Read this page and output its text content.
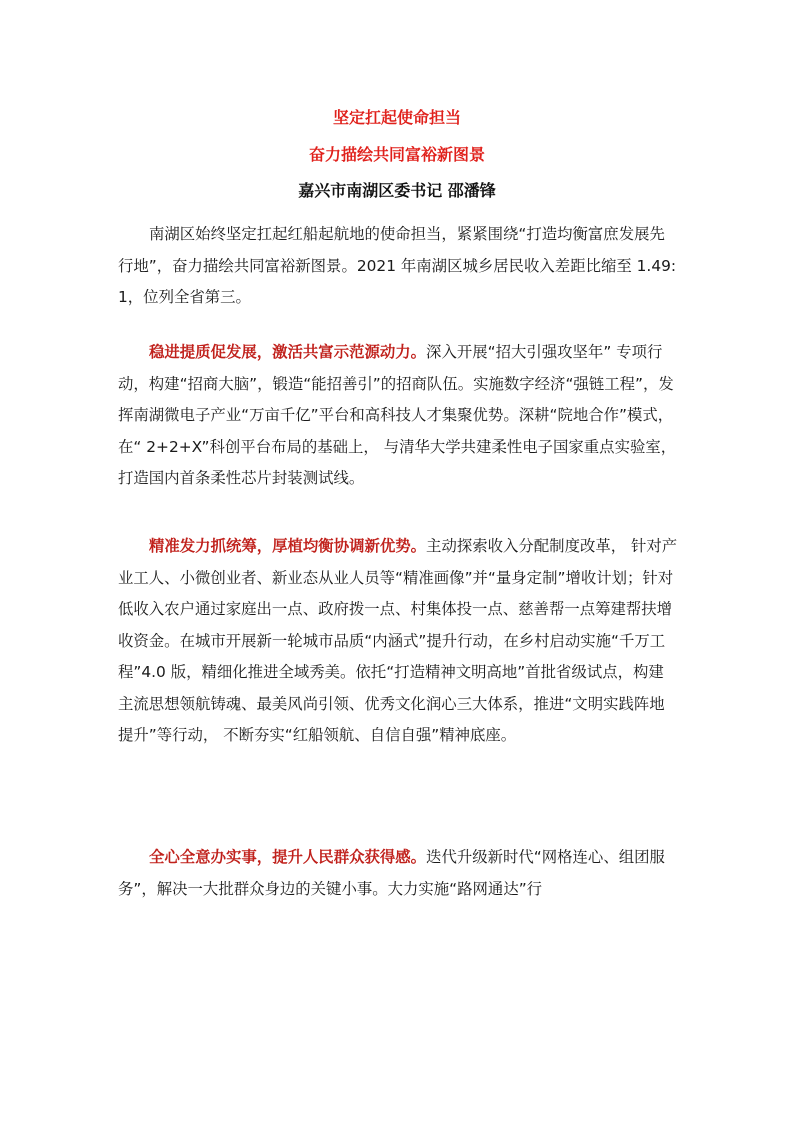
坚定扛起使命担当
奋力描绘共同富裕新图景
嘉兴市南湖区委书记 邵潘锋

南湖区始终坚定扛起红船起航地的使命担当，紧紧围绕“打造均衡富庶发展先行地”，奋力描绘共同富裕新图景。2021 年南湖区城乡居民收入差距比缩至 1.49:1，位列全省第三。

稳进提质促发展，激活共富示范源动力。深入开展“招大引强攻坚年” 专项行动，构建“招商大脑”，锻造“能招善引”的招商队伍。实施数字经济“强链工程”，发挥南湖微电子产业“万亩千亿”平台和高科技人才集聚优势。深耕“院地合作”模式，在“ 2+2+X”科创平台布局的基础上， 与清华大学共建柔性电子国家重点实验室，打造国内首条柔性芯片封装测试线。

精准发力抓统筹，厚植均衡协调新优势。主动探索收入分配制度改革， 针对产业工人、小微创业者、新业态从业人员等“精准画像”并“量身定制”增收计划；针对低收入农户通过家庭出一点、政府拨一点、村集体投一点、慈善帮一点筹建帮扶增收资金。在城市开展新一轮城市品质“内涵式”提升行动，在乡村启动实施“千万工程”4.0 版，精细化推进全域秀美。依托“打造精神文明高地”首批省级试点，构建主流思想领航铸魂、最美风尚引领、优秀文化润心三大体系，推进“文明实践阵地提升”等行动， 不断夯实“红船领航、自信自强”精神底座。

全心全意办实事，提升人民群众获得感。迭代升级新时代“网格连心、组团服务”，解决一大批群众身边的关键小事。大力实施“路网通达”行
